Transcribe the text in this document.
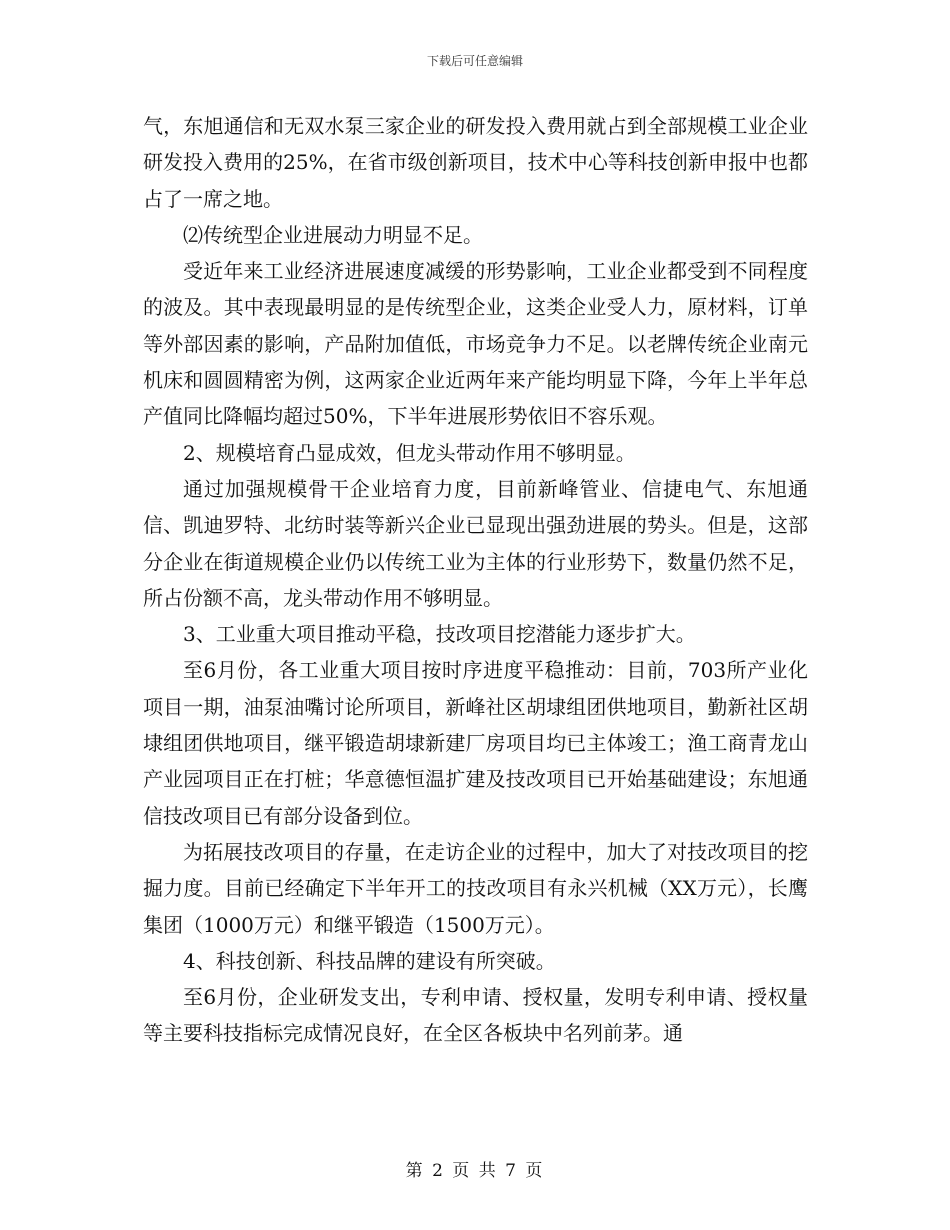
下载后可任意编辑

气，东旭通信和无双水泵三家企业的研发投入费用就占到全部规模工业企业研发投入费用的25%，在省市级创新项目，技术中心等科技创新申报中也都占了一席之地。

⑵传统型企业进展动力明显不足。

受近年来工业经济进展速度减缓的形势影响，工业企业都受到不同程度的波及。其中表现最明显的是传统型企业，这类企业受人力，原材料，订单等外部因素的影响，产品附加值低，市场竞争力不足。以老牌传统企业南元机床和圆圆精密为例，这两家企业近两年来产能均明显下降，今年上半年总产值同比降幅均超过50%，下半年进展形势依旧不容乐观。

2、规模培育凸显成效，但龙头带动作用不够明显。

通过加强规模骨干企业培育力度，目前新峰管业、信捷电气、东旭通信、凯迪罗特、北纺时装等新兴企业已显现出强劲进展的势头。但是，这部分企业在街道规模企业仍以传统工业为主体的行业形势下，数量仍然不足，所占份额不高，龙头带动作用不够明显。

3、工业重大项目推动平稳，技改项目挖潜能力逐步扩大。

至6月份，各工业重大项目按时序进度平稳推动：目前，703所产业化项目一期，油泵油嘴讨论所项目，新峰社区胡埭组团供地项目，勤新社区胡埭组团供地项目，继平锻造胡埭新建厂房项目均已主体竣工；渔工商青龙山产业园项目正在打桩；华意德恒温扩建及技改项目已开始基础建设；东旭通信技改项目已有部分设备到位。

为拓展技改项目的存量，在走访企业的过程中，加大了对技改项目的挖掘力度。目前已经确定下半年开工的技改项目有永兴机械（XX万元），长鹰集团（1000万元）和继平锻造（1500万元）。

4、科技创新、科技品牌的建设有所突破。

至6月份，企业研发支出，专利申请、授权量，发明专利申请、授权量等主要科技指标完成情况良好，在全区各板块中名列前茅。通

第 2 页 共 7 页
